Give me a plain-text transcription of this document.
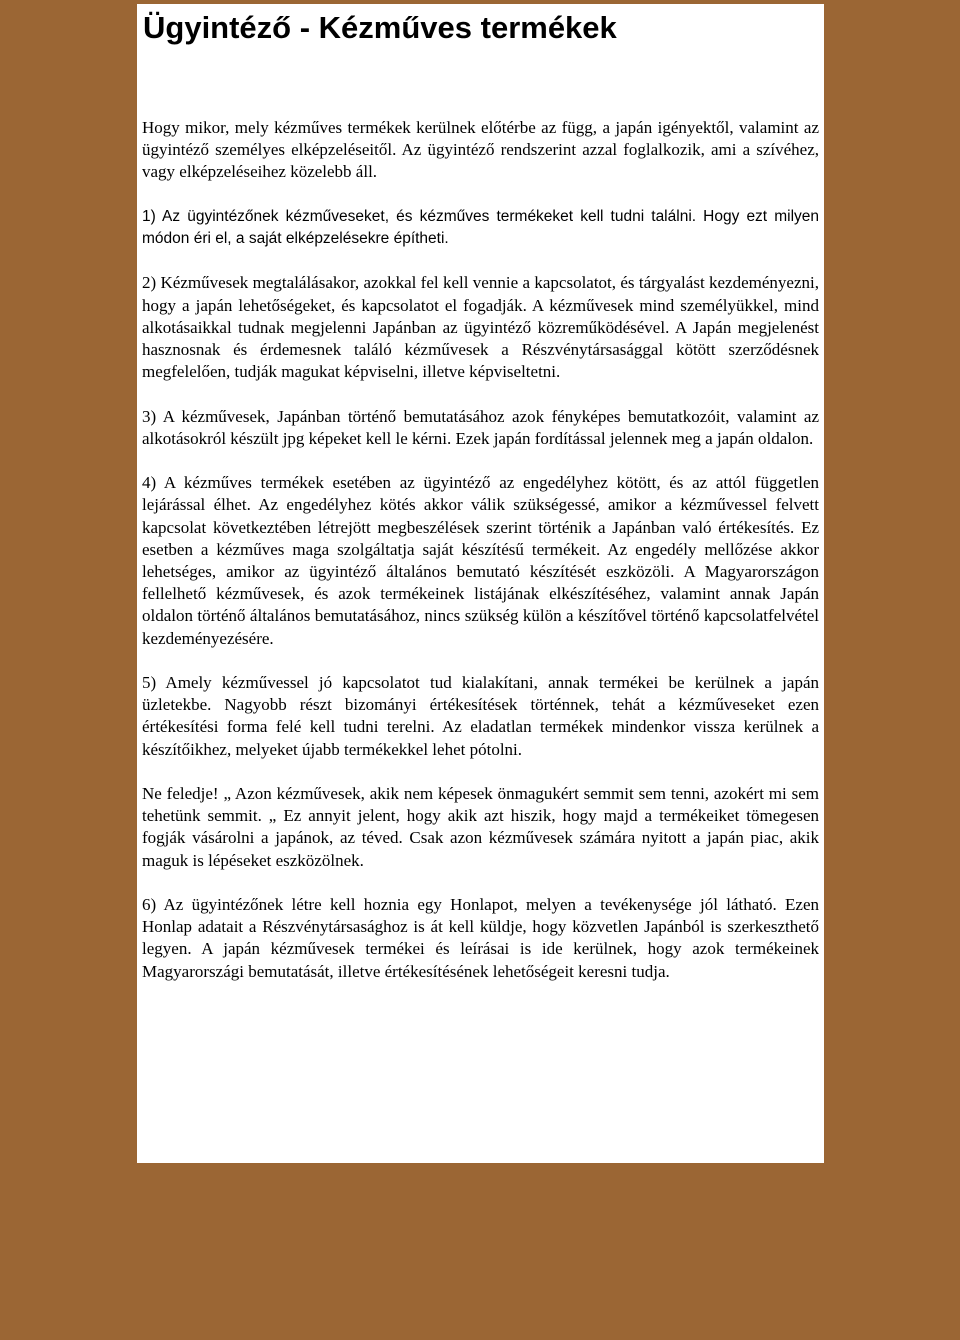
Ügyintéző - Kézműves termékek

Hogy mikor, mely kézműves termékek kerülnek előtérbe az függ, a japán igényektől, valamint az ügyintéző személyes elképzeléseitől. Az ügyintéző rendszerint azzal foglalkozik, ami a szívéhez, vagy elképzeléseihez közelebb áll.

1) Az ügyintézőnek kézművesekеt, és kézműves termékeket kell tudni találni. Hogy ezt milyen módon éri el, a saját elképzelésekre építheti.

2) Kézművesek megtalálásakor, azokkal fel kell vennie a kapcsolatot, és tárgyalást kezdeményezni, hogy a japán lehetőségeket, és kapcsolatot el fogadják. A kézművesek mind személyükkel, mind alkotásaikkal tudnak megjelenni Japánban az ügyintéző közreműködésével. A Japán megjelenést hasznosnak és érdemesnek találó kézművesek a Részvénytársasággal kötött szerződésnek megfelelően, tudják magukat képviselni, illetve képviseltetni.

3) A kézművesek, Japánban történő bemutatásához azok fényképes bemutatkozóit, valamint az alkotásokról készült jpg képeket kell le kérni. Ezek japán fordítással jelennek meg a japán oldalon.

4) A kézműves termékek esetében az ügyintéző az engedélyhez kötött, és az attól független lejárással élhet. Az engedélyhez kötés akkor válik szükségessé, amikor a kézművessel felvett kapcsolat következtében létrejött megbeszélések szerint történik a Japánban való értékesítés. Ez esetben a kézműves maga szolgáltatja saját készítésű termékeit. Az engedély mellőzése akkor lehetséges, amikor az ügyintéző általános bemutató készítését eszközöli. A Magyarországon fellelhető kézművesek, és azok termékeinek listájának elkészítéséhez, valamint annak Japán oldalon történő általános bemutatásához, nincs szükség külön a készítővel történő kapcsolatfelvétel kezdeményezésére.

5) Amely kézművessel jó kapcsolatot tud kialakítani, annak termékei be kerülnek a japán üzletekbe. Nagyobb részt bizományi értékesítések történnek, tehát a kézműveseket ezen értékesítési forma felé kell tudni terelni. Az eladatlan termékek mindenkor vissza kerülnek a készítőikhez, melyeket újabb termékekkel lehet pótolni.

Ne feledje! „ Azon kézművesek, akik nem képesek önmagukért semmit sem tenni, azokért mi sem tehetünk semmit. „ Ez annyit jelent, hogy akik azt hiszik, hogy majd a termékeiket tömegesen fogják vásárolni a japánok, az téved. Csak azon kézművesek számára nyitott a japán piac, akik maguk is lépéseket eszközölnek.

6) Az ügyintézőnek létre kell hoznia egy Honlapot, melyen a tevékenysége jól látható. Ezen Honlap adatait a Részvénytársasághoz is át kell küldje, hogy közvetlen Japánból is szerkeszthető legyen. A japán kézművesek termékei és leírásai is ide kerülnek, hogy azok termékeinek Magyarországi bemutatását, illetve értékesítésének lehetőségeit keresni tudja.
